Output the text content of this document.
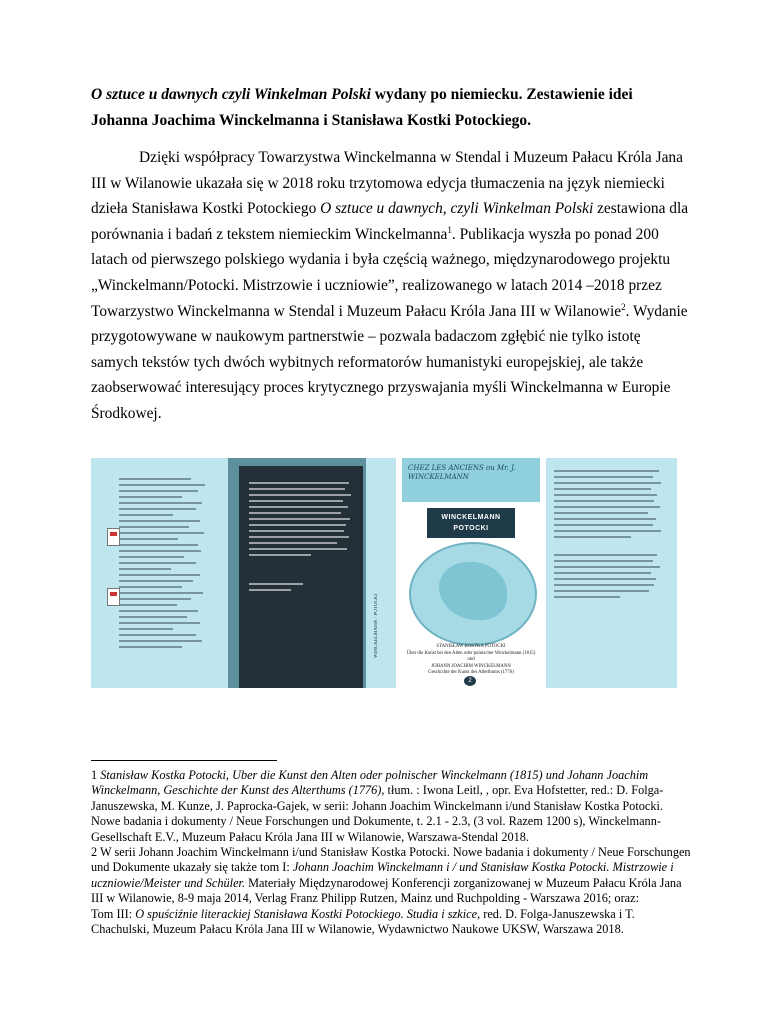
O sztuce u dawnych czyli Winkelman Polski wydany po niemiecku. Zestawienie idei Johanna Joachima Winckelmanna i Stanisława Kostki Potockiego.

Dzięki współpracy Towarzystwa Winckelmanna w Stendal i Muzeum Pałacu Króla Jana III w Wilanowie ukazała się w 2018 roku trzytomowa edycja tłumaczenia na język niemiecki dzieła Stanisława Kostki Potockiego O sztuce u dawnych, czyli Winkelman Polski zestawiona dla porównania i badań z tekstem niemieckim Winckelmanna$^1$. Publikacja wyszła po ponad 200 latach od pierwszego polskiego wydania i była częścią ważnego, międzynarodowego projektu „Winckelmann/Potocki. Mistrzowie i uczniowie”, realizowanego w latach 2014 –2018 przez Towarzystwo Winckelmanna w Stendal i Muzeum Pałacu Króla Jana III w Wilanowie$^2$. Wydanie przygotowywane w naukowym partnerstwie – pozwala badaczom zgłębić nie tylko istotę samych tekstów tych dwóch wybitnych reformatorów humanistyki europejskiej, ale także zaobserwować interesujący proces krytycznego przyswajania myśli Winckelmanna w Europie Środkowej.

WINCKELMANN · POTOCKI
CHEZ LES ANCIENS ou Mr. J. WINCKELMANN
WINCKELMANN
POTOCKI
STANISŁAW KOSTKA POTOCKI
Über die Kunst bei den Alten oder polnischer Winckelmann (1815)
und
JOHANN JOACHIM WINCKELMANN
Geschichte der Kunst des Alterthums (1776)
2

1 Stanisław Kostka Potocki, Uber die Kunst den Alten oder polnischer Winckelmann (1815) und Johann Joachim Winckelmann, Geschichte der Kunst des Alterthums (1776), tłum. : Iwona Leitl, , opr. Eva Hofstetter, red.: D. Folga-Januszewska, M. Kunze, J. Paprocka-Gajek, w serii: Johann Joachim Winckelmann i/und Stanisław Kostka Potocki. Nowe badania i dokumenty / Neue Forschungen und Dokumente, t. 2.1 - 2.3, (3 vol. Razem 1200 s), Winckelmann-Gesellschaft E.V., Muzeum Pałacu Króla Jana III w Wilanowie, Warszawa-Stendal 2018.

2 W serii Johann Joachim Winckelmann i/und Stanisław Kostka Potocki. Nowe badania i dokumenty / Neue Forschungen und Dokumente ukazały się także tom I: Johann Joachim Winckelmann i / und Stanisław Kostka Potocki. Mistrzowie i uczniowie/Meister und Schüler. Materiały Międzynarodowej Konferencji zorganizowanej w Muzeum Pałacu Króla Jana III w Wilanowie, 8-9 maja 2014, Verlag Franz Philipp Rutzen, Mainz und Ruchpolding - Warszawa 2016; oraz:

Tom III: O spuściźnie literackiej Stanisława Kostki Potockiego. Studia i szkice, red. D. Folga-Januszewska i T. Chachulski, Muzeum Pałacu Króla Jana III w Wilanowie, Wydawnictwo Naukowe UKSW, Warszawa 2018.
